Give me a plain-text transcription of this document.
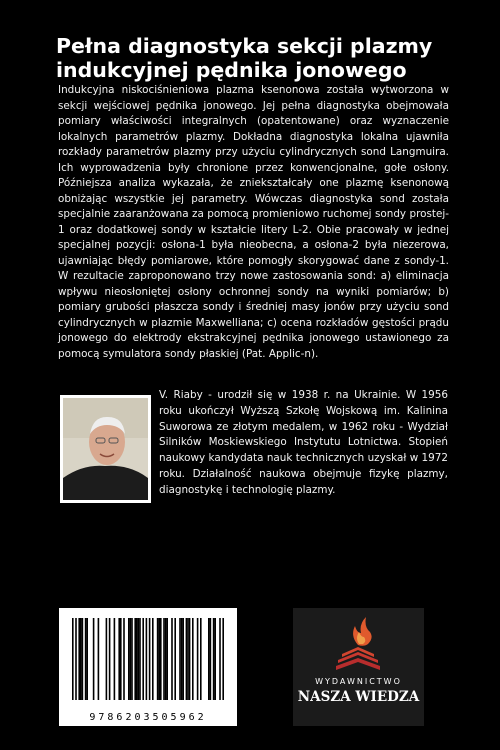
Pełna diagnostyka sekcji plazmy indukcyjnej pędnika jonowego

Indukcyjna niskociśnieniowa plazma ksenonowa została wytworzona w sekcji wejściowej pędnika jonowego. Jej pełna diagnostyka obejmowała pomiary właściwości integralnych (opatentowane) oraz wyznaczenie lokalnych parametrów plazmy. Dokładna diagnostyka lokalna ujawniła rozkłady parametrów plazmy przy użyciu cylindrycznych sond Langmuira. Ich wyprowadzenia były chronione przez konwencjonalne, gołe osłony. Późniejsza analiza wykazała, że zniekształcały one plazmę ksenonową obniżając wszystkie jej parametry. Wówczas diagnostyka sond została specjalnie zaaranżowana za pomocą promieniowo ruchomej sondy prostej-1 oraz dodatkowej sondy w kształcie litery L-2. Obie pracowały w jednej specjalnej pozycji: osłona-1 była nieobecna, a osłona-2 była niezerowa, ujawniając błędy pomiarowe, które pomogły skorygować dane z sondy-1. W rezultacie zaproponowano trzy nowe zastosowania sond: a) eliminacja wpływu nieosłoniętej osłony ochronnej sondy na wyniki pomiarów; b) pomiary grubości płaszcza sondy i średniej masy jonów przy użyciu sond cylindrycznych w plazmie Maxwelliana; c) ocena rozkładów gęstości prądu jonowego do elektrody ekstrakcyjnej pędnika jonowego ustawionego za pomocą symulatora sondy płaskiej (Pat. Applic-n).

V. Riaby - urodził się w 1938 r. na Ukrainie. W 1956 roku ukończył Wyższą Szkołę Wojskową im. Kalinina Suworowa ze złotym medalem, w 1962 roku - Wydział Silników Moskiewskiego Instytutu Lotnictwa. Stopień naukowy kandydata nauk technicznych uzyskał w 1972 roku. Działalność naukowa obejmuje fizykę plazmy, diagnostykę i technologię plazmy.

9786203505962
WYDAWNICTWO
NASZA WIEDZA
